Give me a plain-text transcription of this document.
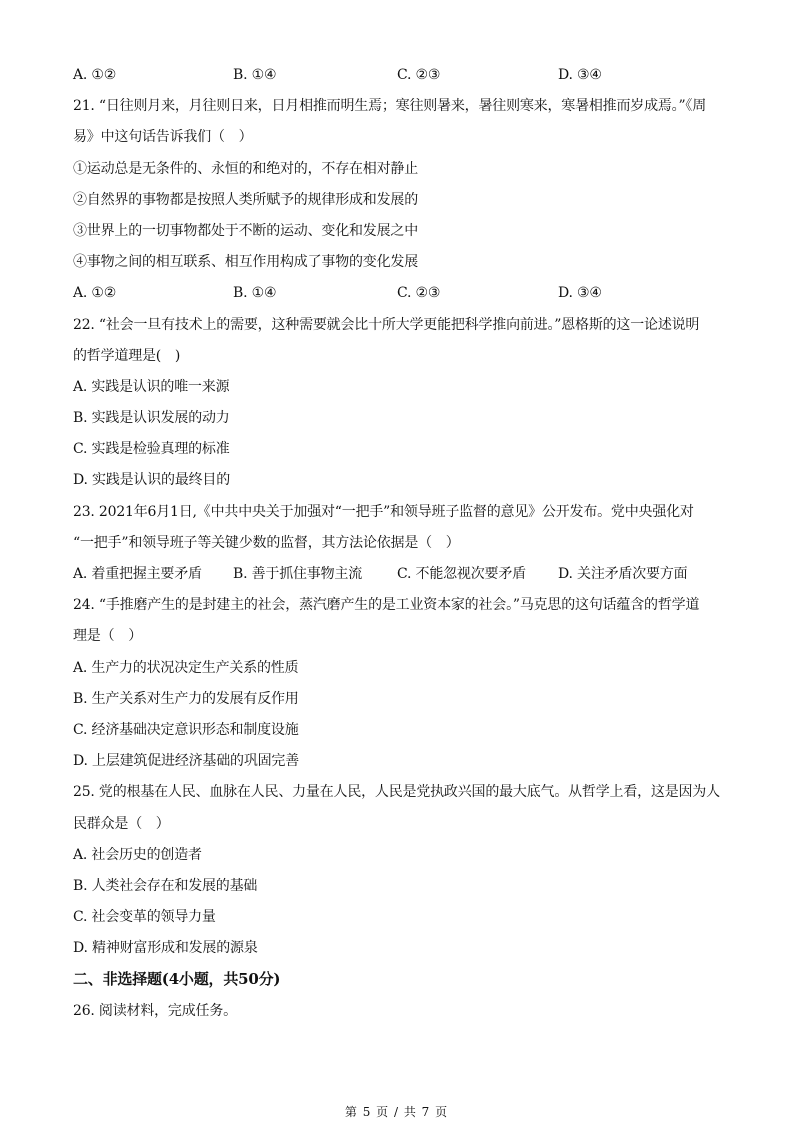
A. ①②	B. ①④	C. ②③	D. ③④
21. “日往则月来，月往则日来，日月相推而明生焉；寒往则暑来，暑往则寒来，寒暑相推而岁成焉。”《周
易》中这句话告诉我们（　）
①运动总是无条件的、永恒的和绝对的，不存在相对静止
②自然界的事物都是按照人类所赋予的规律形成和发展的
③世界上的一切事物都处于不断的运动、变化和发展之中
④事物之间的相互联系、相互作用构成了事物的变化发展
A. ①②	B. ①④	C. ②③	D. ③④
22. “社会一旦有技术上的需要，这种需要就会比十所大学更能把科学推向前进。”恩格斯的这一论述说明
的哲学道理是(　)
A. 实践是认识的唯一来源
B. 实践是认识发展的动力
C. 实践是检验真理的标准
D. 实践是认识的最终目的
23. 2021年6月1日,《中共中央关于加强对“一把手”和领导班子监督的意见》公开发布。党中央强化对
“一把手”和领导班子等关键少数的监督，其方法论依据是（　）
A. 着重把握主要矛盾	B. 善于抓住事物主流	C. 不能忽视次要矛盾	D. 关注矛盾次要方面
24. “手推磨产生的是封建主的社会，蒸汽磨产生的是工业资本家的社会。”马克思的这句话蕴含的哲学道
理是（　）
A. 生产力的状况决定生产关系的性质
B. 生产关系对生产力的发展有反作用
C. 经济基础决定意识形态和制度设施
D. 上层建筑促进经济基础的巩固完善
25. 党的根基在人民、血脉在人民、力量在人民，人民是党执政兴国的最大底气。从哲学上看，这是因为人
民群众是（　）
A. 社会历史的创造者
B. 人类社会存在和发展的基础
C. 社会变革的领导力量
D. 精神财富形成和发展的源泉
二、非选择题(4小题，共50分)
26. 阅读材料，完成任务。
第 5 页 / 共 7 页
